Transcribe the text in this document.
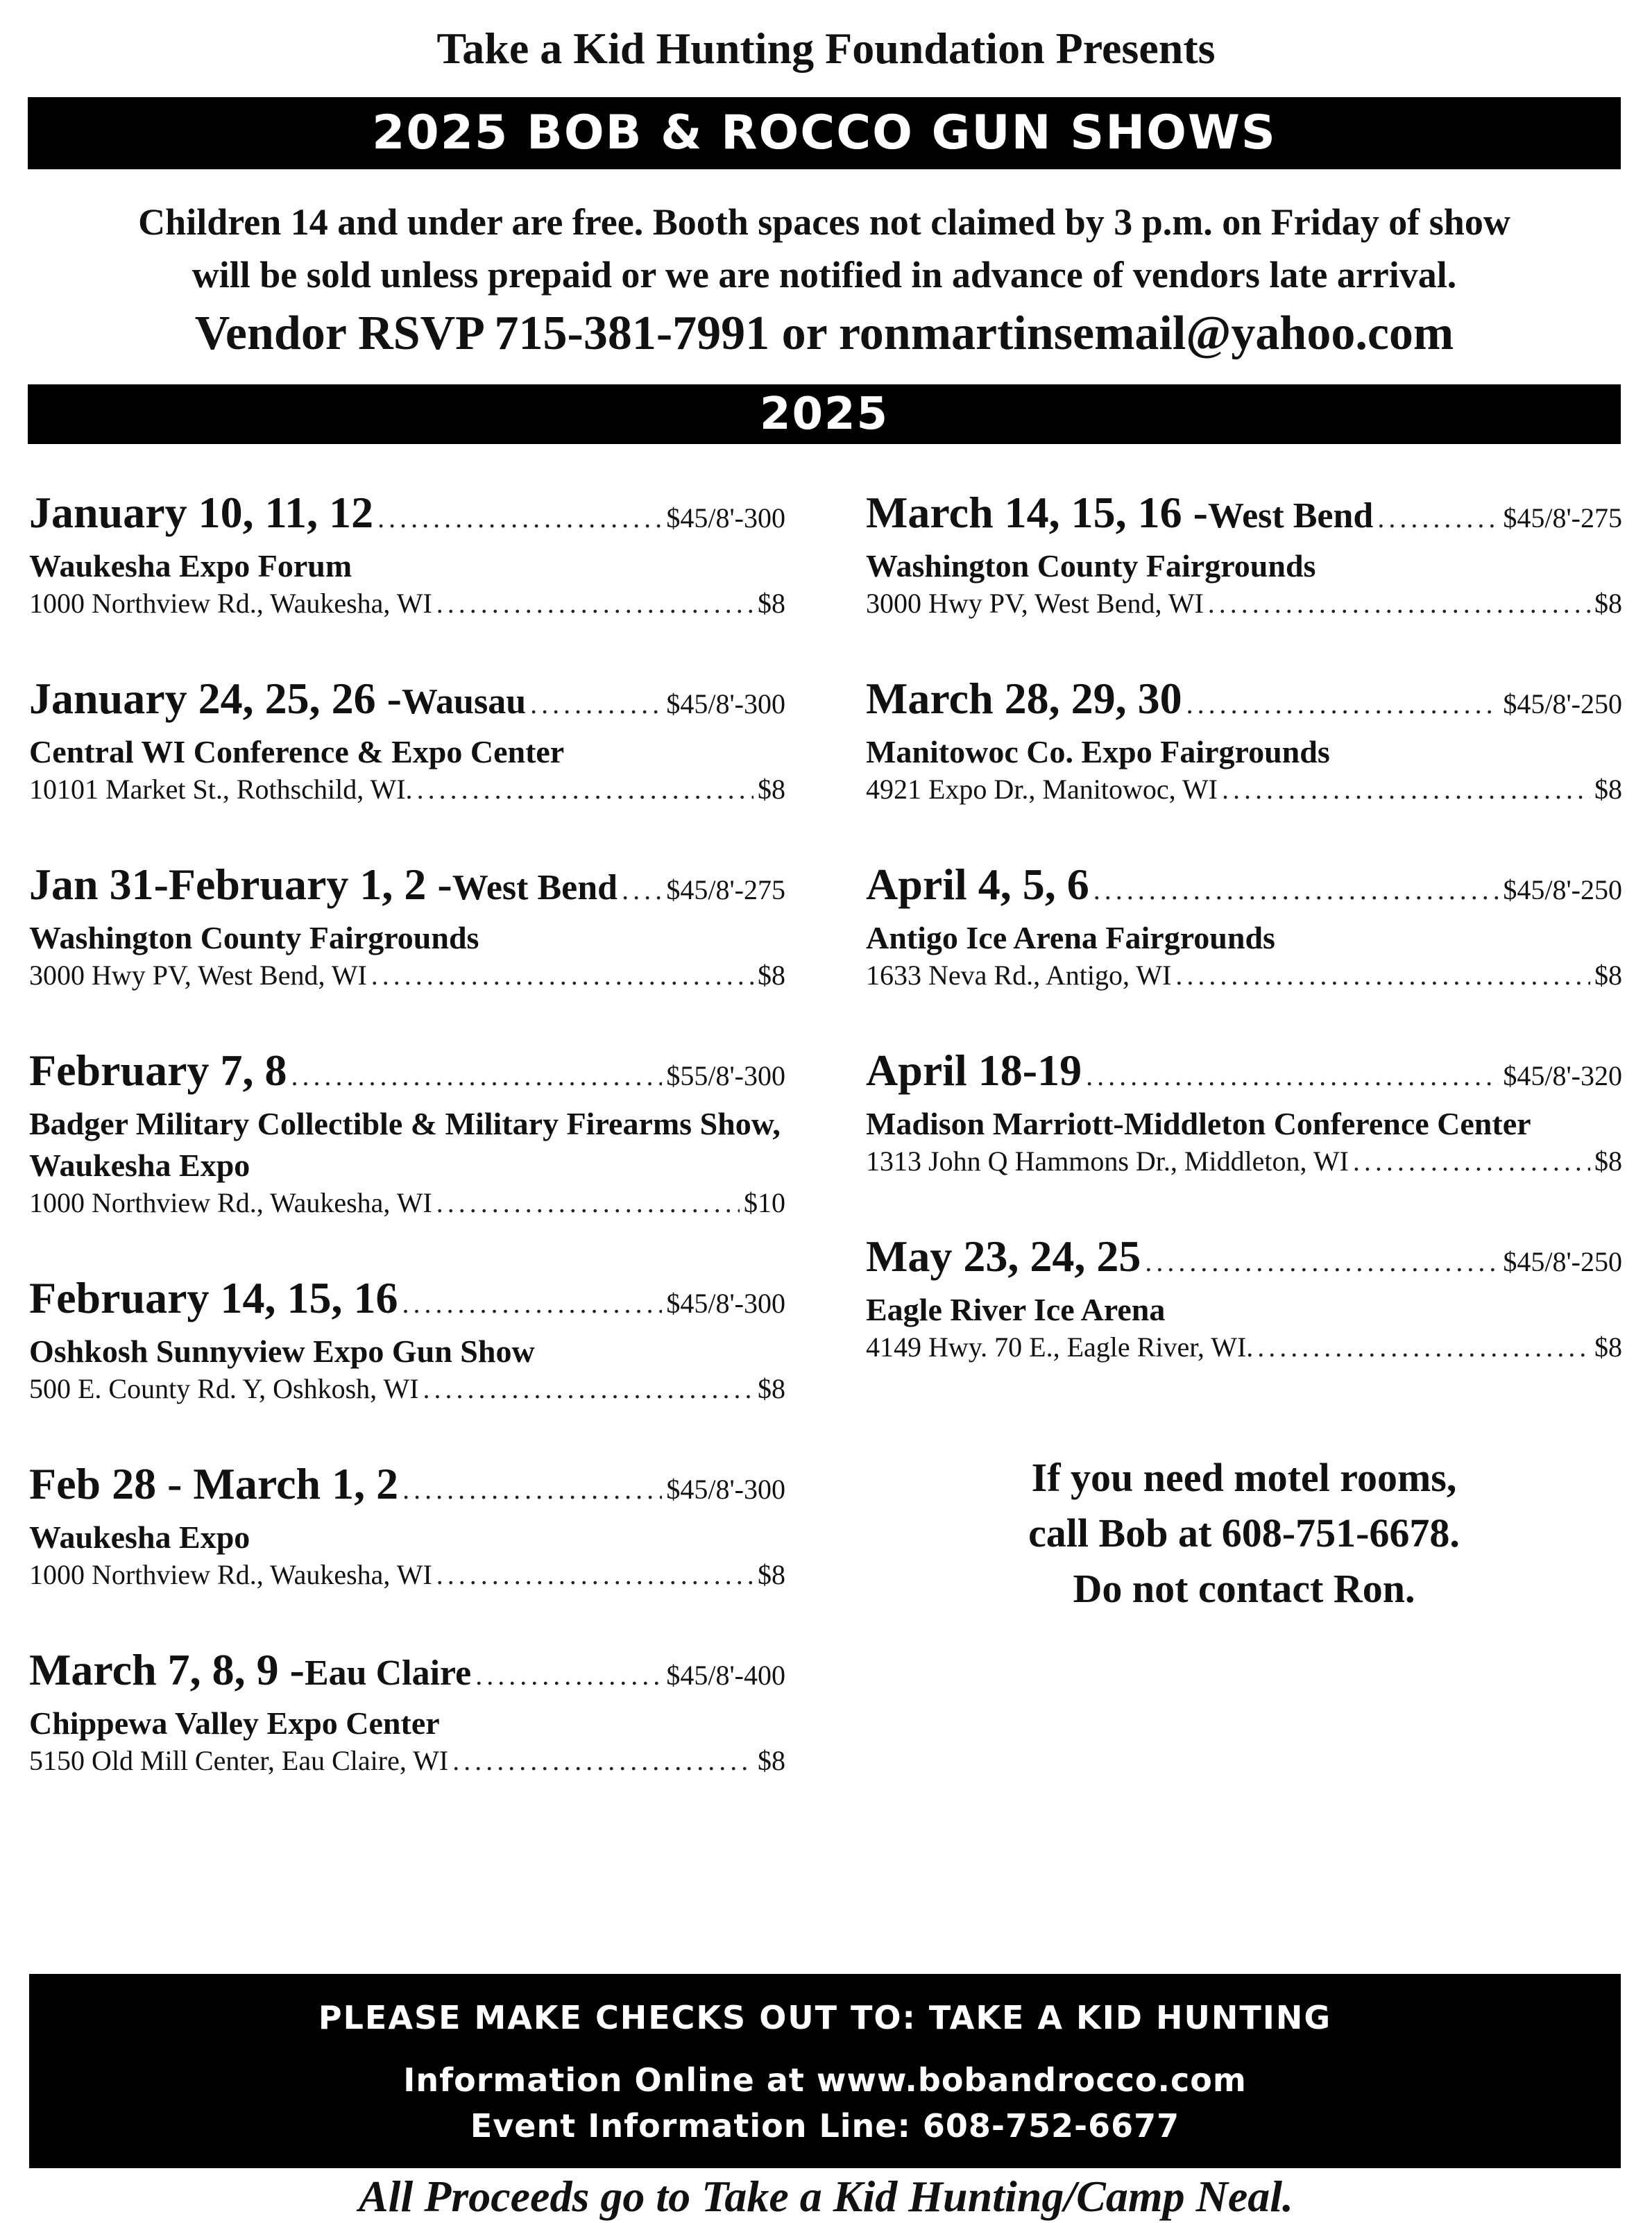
Take a Kid Hunting Foundation Presents
2025 BOB & ROCCO GUN SHOWS
Children 14 and under are free. Booth spaces not claimed by 3 p.m. on Friday of show
will be sold unless prepaid or we are notified in advance of vendors late arrival.
Vendor RSVP 715-381-7991 or ronmartinsemail@yahoo.com
2025
January 10, 11, 12 .....	$45/8'-300
Waukesha Expo Forum
1000 Northview Rd., Waukesha, WI .....	$8
January 24, 25, 26 - Wausau .....	$45/8'-300
Central WI Conference & Expo Center
10101 Market St., Rothschild, WI. .....	$8
Jan 31-February 1, 2 - West Bend ..... $45/8'-275
Washington County Fairgrounds
3000 Hwy PV, West Bend, WI .....	$8
February 7, 8 .....	$55/8'-300
Badger Military Collectible & Military Firearms Show, Waukesha Expo
1000 Northview Rd., Waukesha, WI .....	$10
February 14, 15, 16 .....	$45/8'-300
Oshkosh Sunnyview Expo Gun Show
500 E. County Rd. Y, Oshkosh, WI .....	$8
Feb 28 - March 1, 2 .....	$45/8'-300
Waukesha Expo
1000 Northview Rd., Waukesha, WI .....	$8
March 7, 8, 9 - Eau Claire .....	$45/8'-400
Chippewa Valley Expo Center
5150 Old Mill Center, Eau Claire, WI .....	$8
March 14, 15, 16 - West Bend .....	$45/8'-275
Washington County Fairgrounds
3000 Hwy PV, West Bend, WI .....	$8
March 28, 29, 30 .....	$45/8'-250
Manitowoc Co. Expo Fairgrounds
4921 Expo Dr., Manitowoc, WI .....	$8
April 4, 5, 6 .....	$45/8'-250
Antigo Ice Arena Fairgrounds
1633 Neva Rd., Antigo, WI .....	$8
April 18-19 .....	$45/8'-320
Madison Marriott-Middleton Conference Center
1313 John Q Hammons Dr., Middleton, WI .....	$8
May 23, 24, 25 .....	$45/8'-250
Eagle River Ice Arena
4149 Hwy. 70 E., Eagle River, WI. .....	$8
If you need motel rooms,
call Bob at 608-751-6678.
Do not contact Ron.
PLEASE MAKE CHECKS OUT TO: TAKE A KID HUNTING
Information Online at www.bobandrocco.com
Event Information Line: 608-752-6677
All Proceeds go to Take a Kid Hunting/Camp Neal.
